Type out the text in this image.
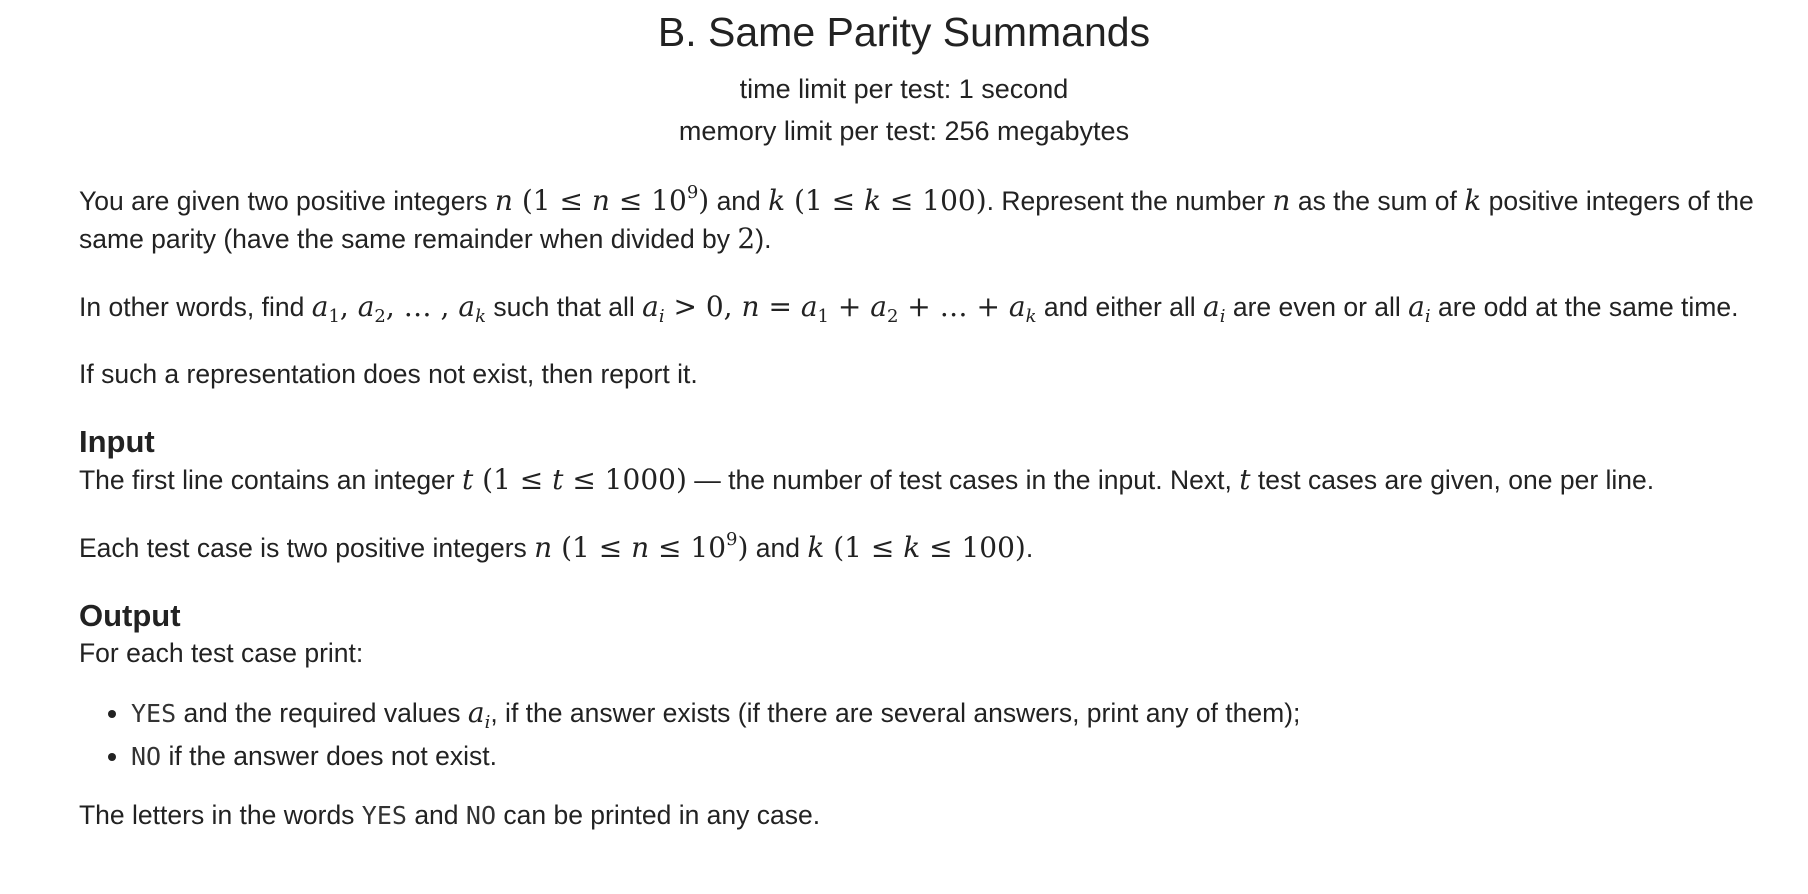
B. Same Parity Summands
time limit per test: 1 second
memory limit per test: 256 megabytes

You are given two positive integers n $(1 \le n \le 10^9)$ and k (1 ≤ k ≤ 100). Represent the number n as the sum of k positive integers of the same parity (have the same remainder when divided by 2).

In other words, find $a_1$, $a_2$, … , $a_k$ such that all $a_i > 0$, $n = a_1 + a_2$ + … + $a_k$ and either all $a_i$ are even or all $a_i$ are odd at the same time.

If such a representation does not exist, then report it.

Input

The first line contains an integer t (1 ≤ t ≤ 1000) — the number of test cases in the input. Next, t test cases are given, one per line.

Each test case is two positive integers n $(1 \le n \le 10^9)$ and k (1 ≤ k ≤ 100).

Output

For each test case print:

• YES and the required values $a_i$, if the answer exists (if there are several answers, print any of them);
• NO if the answer does not exist.

The letters in the words YES and NO can be printed in any case.
